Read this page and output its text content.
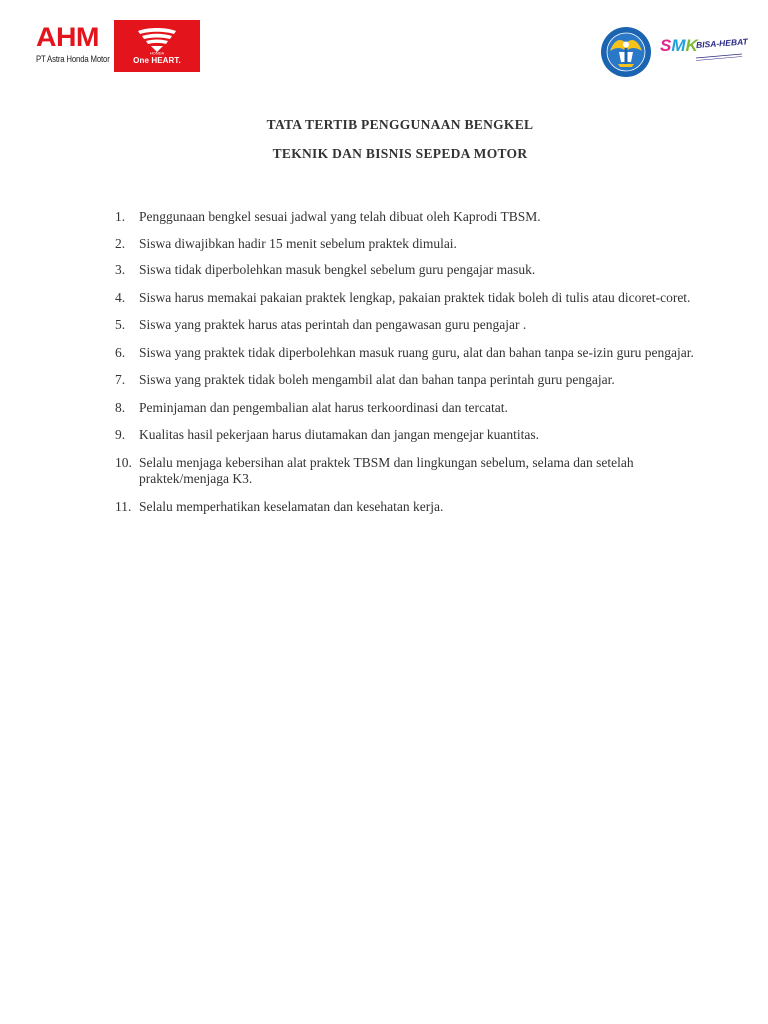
AHM
PT Astra Honda Motor
HONDA
One HEART.
SMK
BISA-HEBAT
TATA TERTIB PENGGUNAAN BENGKEL
TEKNIK DAN BISNIS SEPEDA MOTOR
1. Penggunaan bengkel sesuai jadwal yang telah dibuat oleh Kaprodi TBSM.
2. Siswa diwajibkan hadir 15 menit sebelum praktek dimulai.
3. Siswa tidak diperbolehkan masuk bengkel sebelum guru pengajar masuk.
4. Siswa harus memakai pakaian praktek lengkap, pakaian praktek tidak boleh di tulis atau dicoret-coret.
5. Siswa yang praktek harus atas perintah dan pengawasan guru pengajar .
6. Siswa yang praktek tidak diperbolehkan masuk ruang guru, alat dan bahan tanpa se-izin guru pengajar.
7. Siswa yang praktek tidak boleh mengambil alat dan bahan tanpa perintah guru pengajar.
8. Peminjaman dan pengembalian alat harus terkoordinasi dan tercatat.
9. Kualitas hasil pekerjaan harus diutamakan dan jangan mengejar kuantitas.
10. Selalu menjaga kebersihan alat praktek TBSM dan lingkungan sebelum, selama dan setelah praktek/menjaga K3.
11. Selalu memperhatikan keselamatan dan kesehatan kerja.
